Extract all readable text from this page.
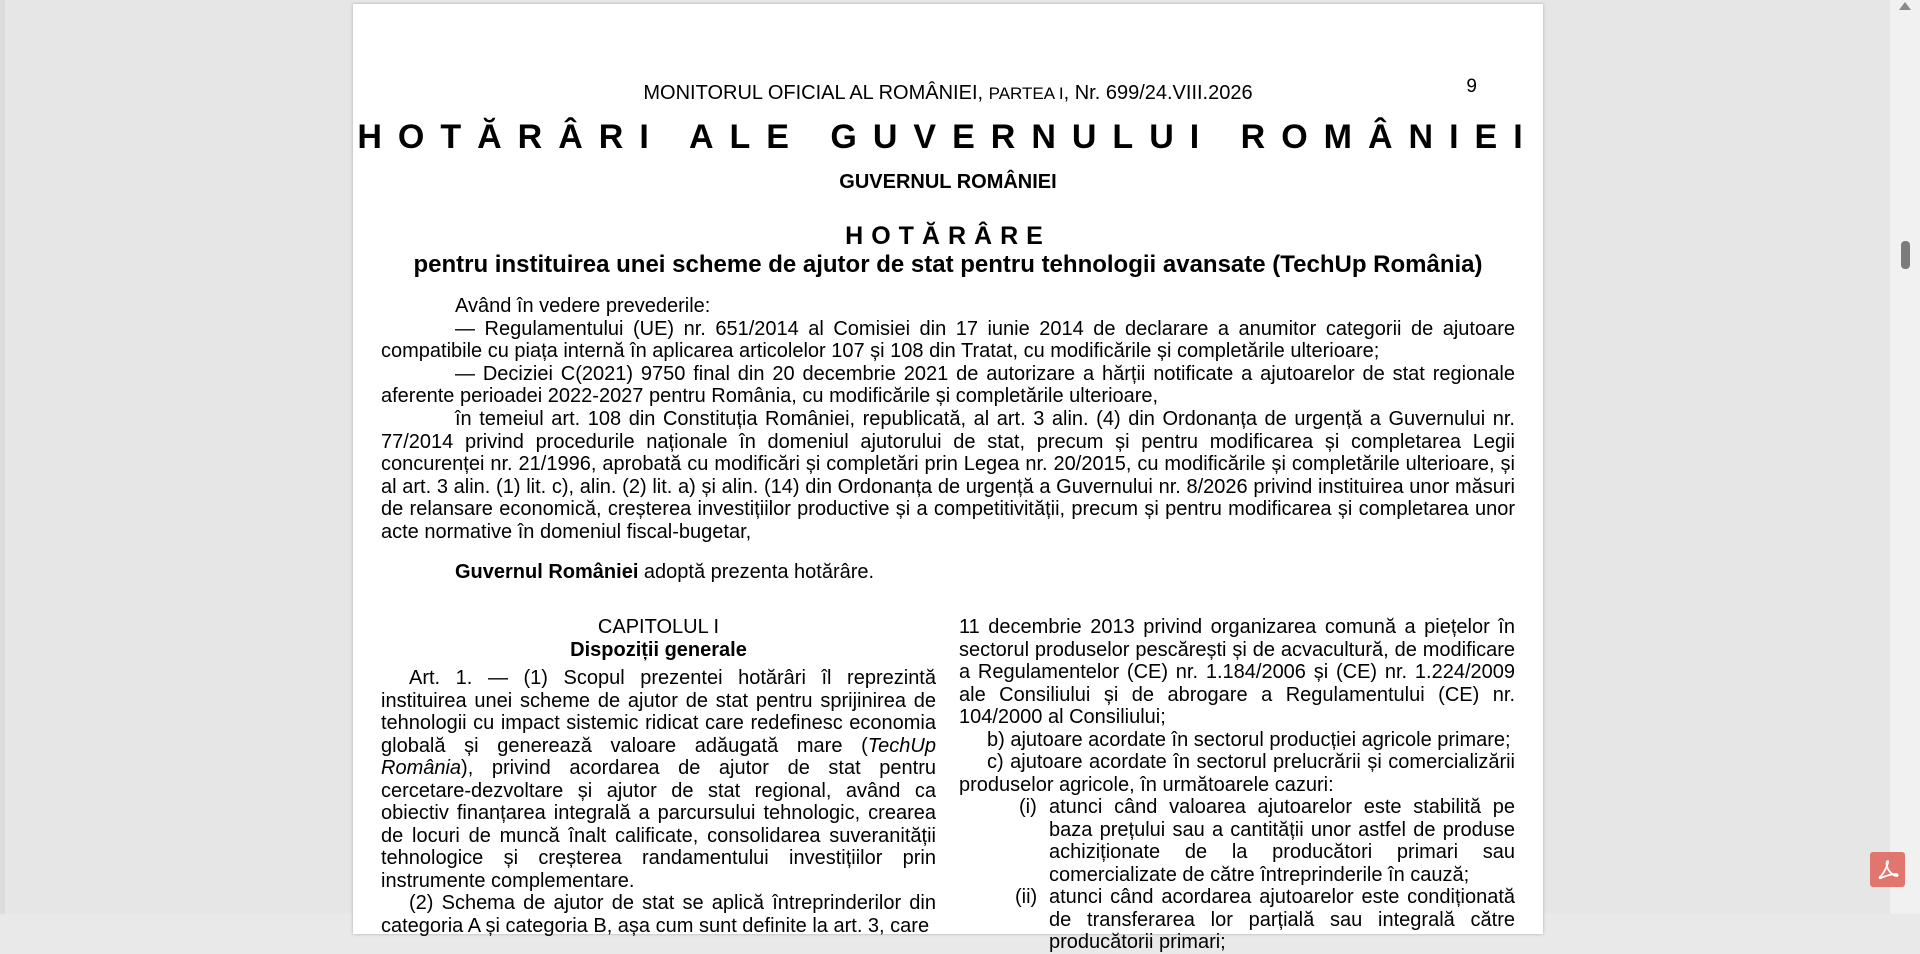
MONITORUL OFICIAL AL ROMÂNIEI, PARTEA I, Nr. 699/24.VIII.2026	9
HOTĂRÂRI ALE GUVERNULUI ROMÂNIEI
GUVERNUL ROMÂNIEI
HOTĂRÂRE
pentru instituirea unei scheme de ajutor de stat pentru tehnologii avansate (TechUp România)
Având în vedere prevederile:
— Regulamentului (UE) nr. 651/2014 al Comisiei din 17 iunie 2014 de declarare a anumitor categorii de ajutoare compatibile cu piața internă în aplicarea articolelor 107 și 108 din Tratat, cu modificările și completările ulterioare;
— Deciziei C(2021) 9750 final din 20 decembrie 2021 de autorizare a hărții notificate a ajutoarelor de stat regionale aferente perioadei 2022-2027 pentru România, cu modificările și completările ulterioare,
în temeiul art. 108 din Constituția României, republicată, al art. 3 alin. (4) din Ordonanța de urgență a Guvernului nr. 77/2014 privind procedurile naționale în domeniul ajutorului de stat, precum și pentru modificarea și completarea Legii concurenței nr. 21/1996, aprobată cu modificări și completări prin Legea nr. 20/2015, cu modificările și completările ulterioare, și al art. 3 alin. (1) lit. c), alin. (2) lit. a) și alin. (14) din Ordonanța de urgență a Guvernului nr. 8/2026 privind instituirea unor măsuri de relansare economică, creșterea investițiilor productive și a competitivității, precum și pentru modificarea și completarea unor acte normative în domeniul fiscal-bugetar,
Guvernul României adoptă prezenta hotărâre.
CAPITOLUL I
Dispoziții generale
Art. 1. — (1) Scopul prezentei hotărâri îl reprezintă instituirea unei scheme de ajutor de stat pentru sprijinirea de tehnologii cu impact sistemic ridicat care redefinesc economia globală și generează valoare adăugată mare (TechUp România), privind acordarea de ajutor de stat pentru cercetare-dezvoltare și ajutor de stat regional, având ca obiectiv finanțarea integrală a parcursului tehnologic, crearea de locuri de muncă înalt calificate, consolidarea suveranității tehnologice și creșterea randamentului investițiilor prin instrumente complementare.
(2) Schema de ajutor de stat se aplică întreprinderilor din categoria A și categoria B, așa cum sunt definite la art. 3, care
11 decembrie 2013 privind organizarea comună a piețelor în sectorul produselor pescărești și de acvacultură, de modificare a Regulamentelor (CE) nr. 1.184/2006 și (CE) nr. 1.224/2009 ale Consiliului și de abrogare a Regulamentului (CE) nr. 104/2000 al Consiliului;
b) ajutoare acordate în sectorul producției agricole primare;
c) ajutoare acordate în sectorul prelucrării și comercializării produselor agricole, în următoarele cazuri:
(i) atunci când valoarea ajutoarelor este stabilită pe baza prețului sau a cantității unor astfel de produse achiziționate de la producători primari sau comercializate de către întreprinderile în cauză;
(ii) atunci când acordarea ajutoarelor este condiționată de transferarea lor parțială sau integrală către producătorii primari;
